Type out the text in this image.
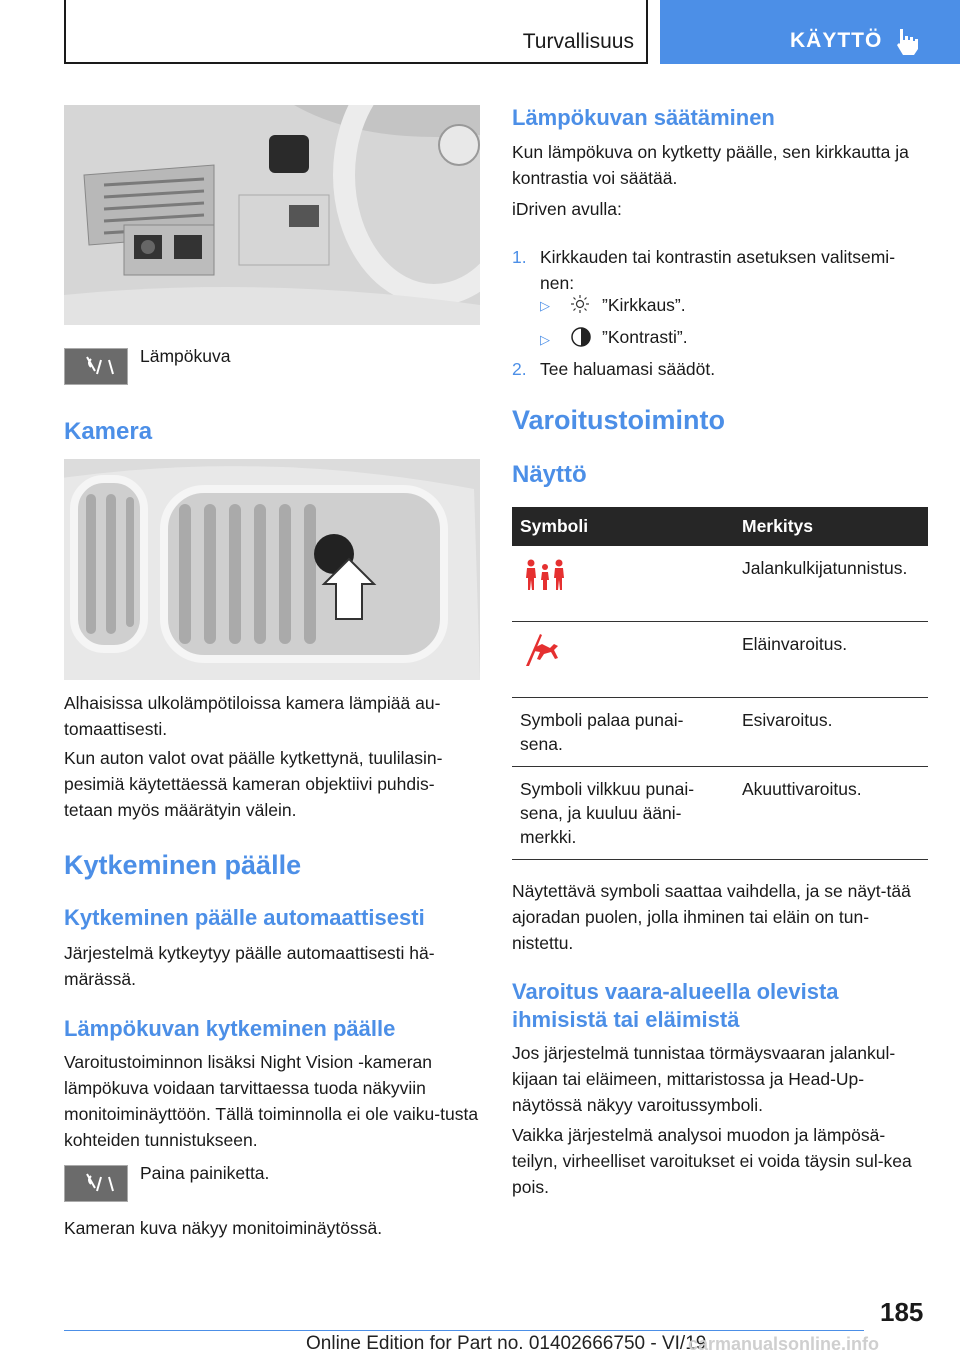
Turvallisuus	KÄYTTÖ
Lämpökuva
Kamera
Alhaisissa ulkolämpötiloissa kamera lämpiää au-tomaattisesti.
Kun auton valot ovat päälle kytkettynä, tuulilasin-pesimiä käytettäessä kameran objektiivi puhdis-tetaan myös määrätyin välein.
Kytkeminen päälle
Kytkeminen päälle automaattisesti
Järjestelmä kytkeytyy päälle automaattisesti hä-märässä.
Lämpökuvan kytkeminen päälle
Varoitustoiminnon lisäksi Night Vision -kameran lämpökuva voidaan tarvittaessa tuoda näkyviin monitoiminäyttöön. Tällä toiminnolla ei ole vaiku-tusta kohteiden tunnistukseen.
Paina painiketta.
Kameran kuva näkyy monitoiminäytössä.
Lämpökuvan säätäminen
Kun lämpökuva on kytketty päälle, sen kirkkautta ja kontrastia voi säätää.
iDriven avulla:
1. Kirkkauden tai kontrastin asetuksen valitsemi-nen:
▷	”Kirkkaus”.
▷	”Kontrasti”.
2. Tee haluamasi säädöt.
Varoitustoiminto
Näyttö
Symboli	Merkitys
	Jalankulkijatunnistus.
	Eläinvaroitus.
Symboli palaa punai-sena.	Esivaroitus.
Symboli vilkkuu punai-sena, ja kuuluu ääni-merkki.	Akuuttivaroitus.
Näytettävä symboli saattaa vaihdella, ja se näyt-tää ajoradan puolen, jolla ihminen tai eläin on tun-nistettu.
Varoitus vaara-alueella olevista ihmisistä tai eläimistä
Jos järjestelmä tunnistaa törmäysvaaran jalankul-kijaan tai eläimeen, mittaristossa ja Head-Up-näytössä näkyy varoitussymboli.
Vaikka järjestelmä analysoi muodon ja lämpösä-teilyn, virheelliset varoitukset ei voida täysin sul-kea pois.
185
Online Edition for Part no. 01402666750 - VI/19
carmanualsonline.info
